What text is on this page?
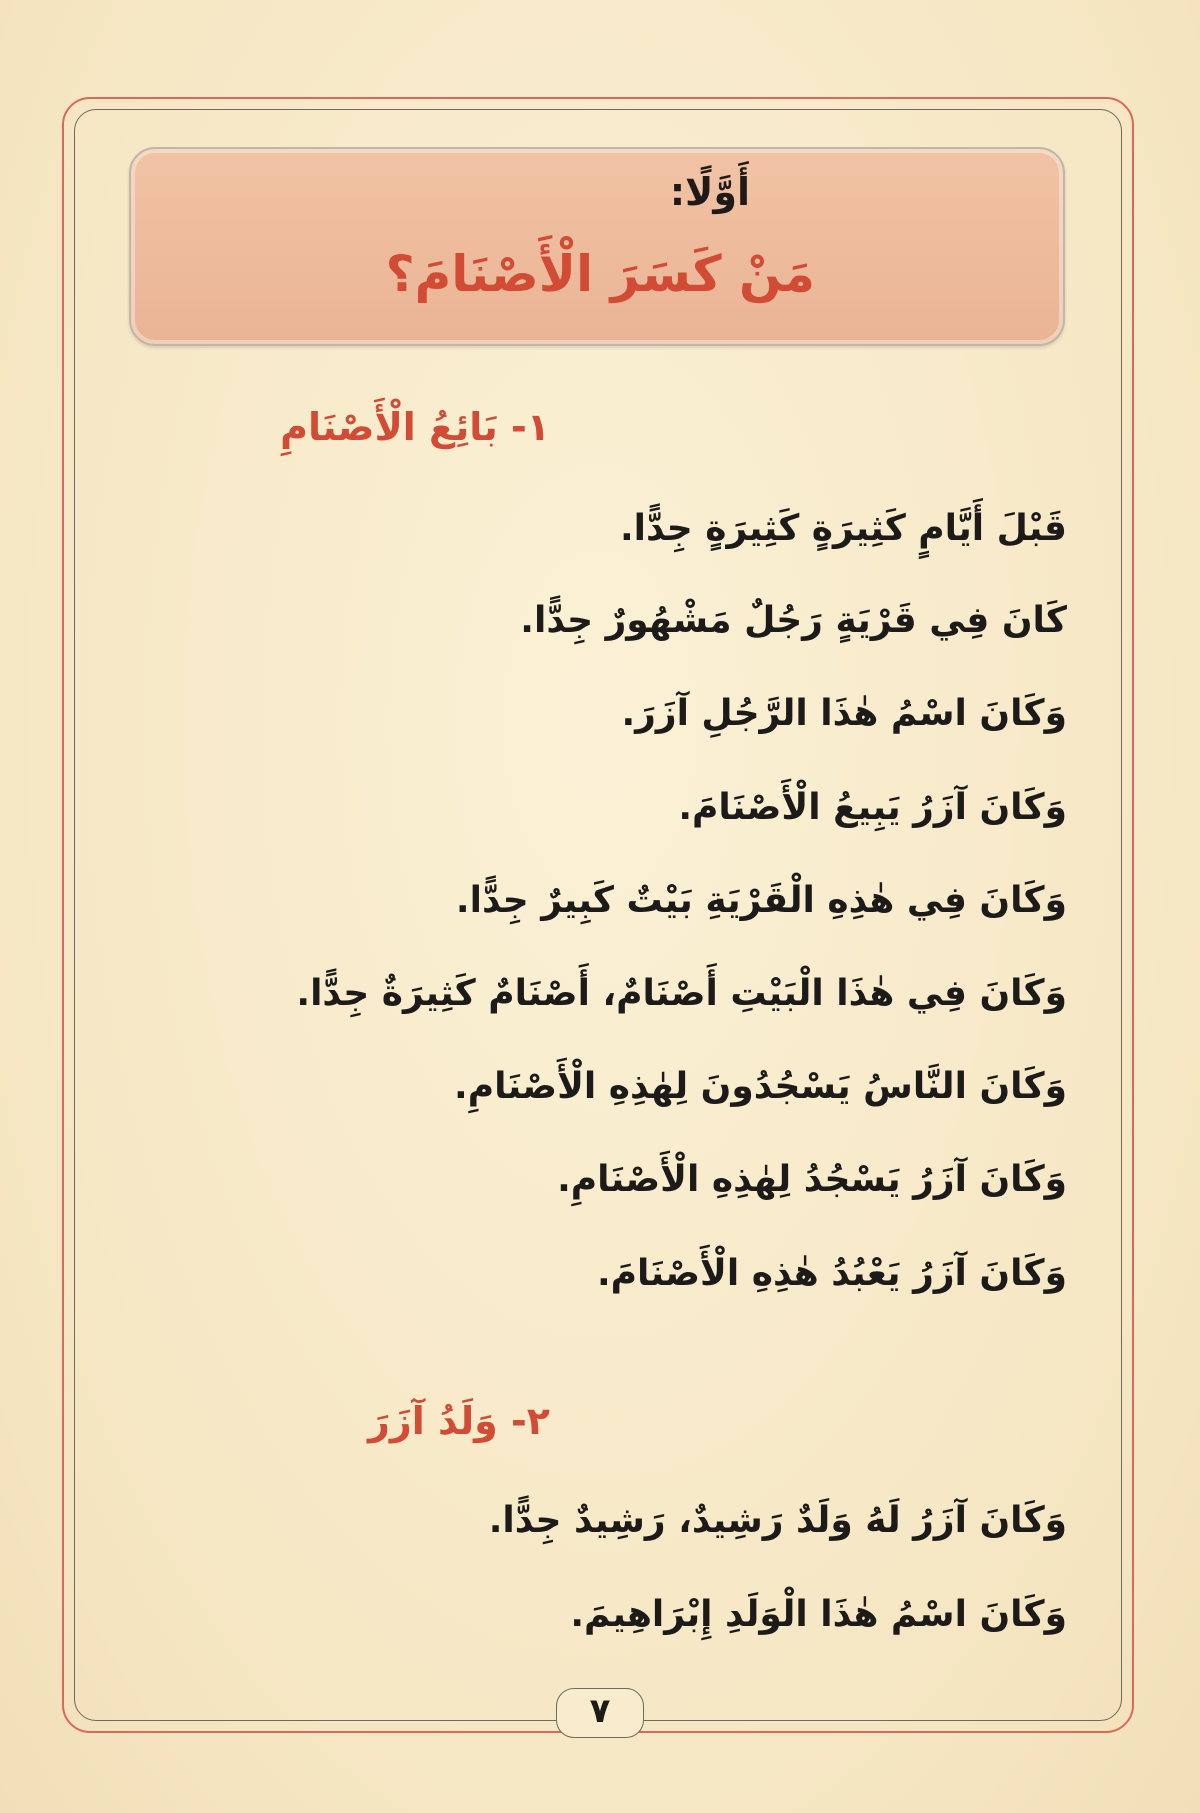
أَوَّلًا:
مَنْ كَسَرَ الْأَصْنَامَ؟
١- بَائِعُ الْأَصْنَامِ
قَبْلَ أَيَّامٍ كَثِيرَةٍ كَثِيرَةٍ جِدًّا.
كَانَ فِي قَرْيَةٍ رَجُلٌ مَشْهُورٌ جِدًّا.
وَكَانَ اسْمُ هٰذَا الرَّجُلِ آزَرَ.
وَكَانَ آزَرُ يَبِيعُ الْأَصْنَامَ.
وَكَانَ فِي هٰذِهِ الْقَرْيَةِ بَيْتٌ كَبِيرٌ جِدًّا.
وَكَانَ فِي هٰذَا الْبَيْتِ أَصْنَامٌ، أَصْنَامٌ كَثِيرَةٌ جِدًّا.
وَكَانَ النَّاسُ يَسْجُدُونَ لِهٰذِهِ الْأَصْنَامِ.
وَكَانَ آزَرُ يَسْجُدُ لِهٰذِهِ الْأَصْنَامِ.
وَكَانَ آزَرُ يَعْبُدُ هٰذِهِ الْأَصْنَامَ.
٢- وَلَدُ آزَرَ
وَكَانَ آزَرُ لَهُ وَلَدٌ رَشِيدٌ، رَشِيدٌ جِدًّا.
وَكَانَ اسْمُ هٰذَا الْوَلَدِ إِبْرَاهِيمَ.
٧
